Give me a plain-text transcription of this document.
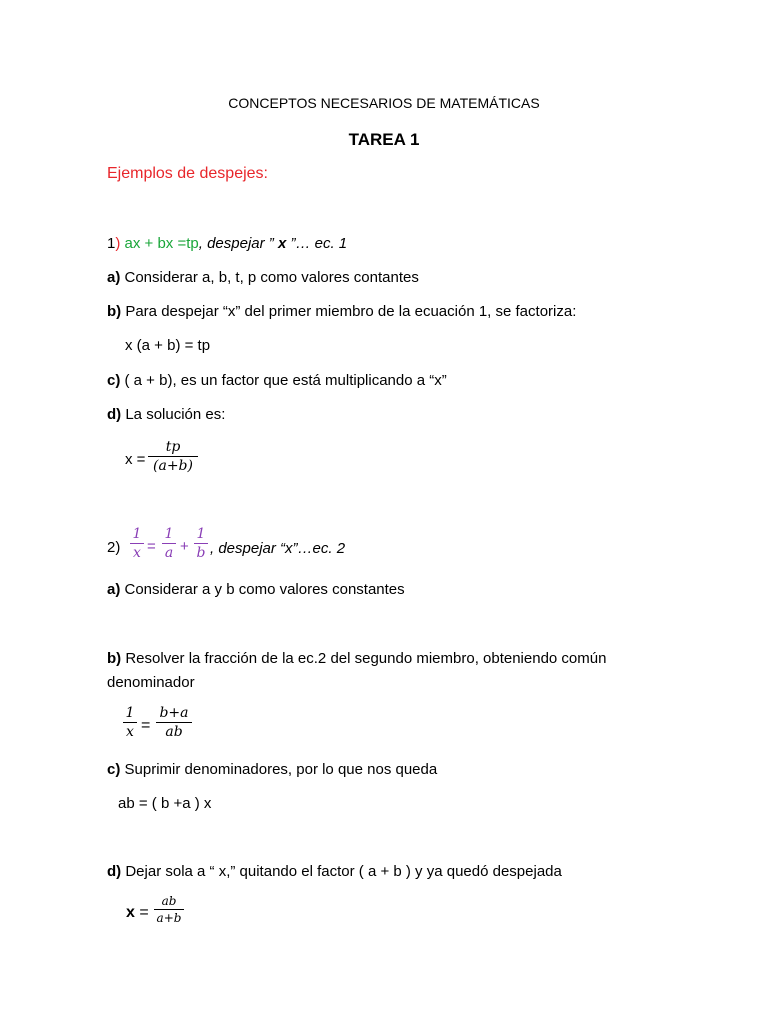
CONCEPTOS NECESARIOS DE MATEMÁTICAS
TAREA 1
Ejemplos de despejes:
1) ax + bx =tp, despejar ” x ”… ec. 1
a) Considerar a, b, t, p como valores contantes
b) Para despejar “x” del primer miembro de la ecuación 1, se factoriza:
x (a + b) = tp
c) ( a + b), es un factor que está multiplicando a “x”
d) La solución es:
x =
tp
(a+b)
2)
1
x =
1
a +
1
b , despejar “x”…ec. 2
a) Considerar a y b como valores constantes
b) Resolver la fracción de la ec.2 del segundo miembro, obteniendo común
denominador
1
x =
b+a
ab
c) Suprimir denominadores, por lo que nos queda
ab = ( b +a ) x
d) Dejar sola a “ x,” quitando el factor ( a + b ) y ya quedó despejada
x =
ab
a+b
